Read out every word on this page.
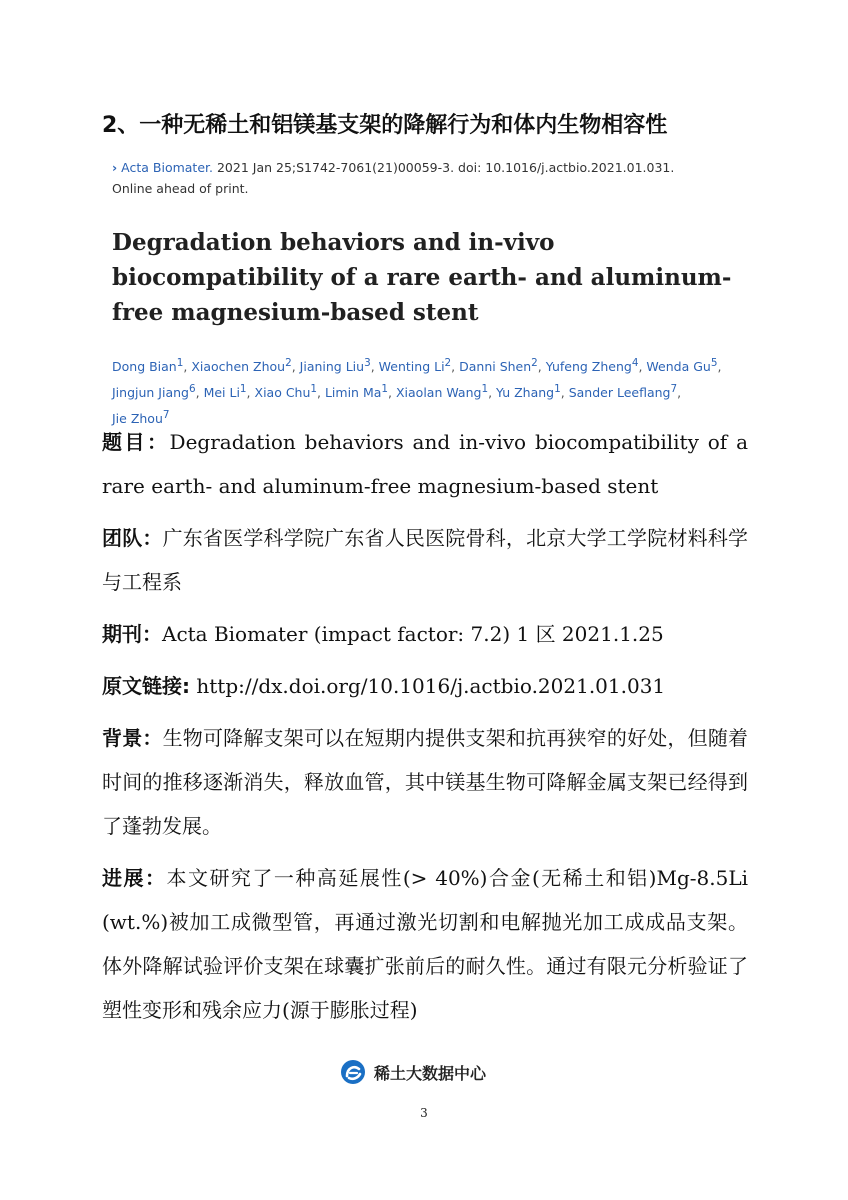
2、一种无稀土和铝镁基支架的降解行为和体内生物相容性
› Acta Biomater. 2021 Jan 25;S1742-7061(21)00059-3. doi: 10.1016/j.actbio.2021.01.031.
Online ahead of print.
Degradation behaviors and in-vivo biocompatibility of a rare earth- and aluminum-free magnesium-based stent
Dong Bian$^1$, Xiaochen Zhou$^2$, Jianing Liu$^3$, Wenting Li$^2$, Danni Shen$^2$, Yufeng Zheng$^4$, Wenda Gu$^5$, Jingjun Jiang$^6$, Mei Li$^1$, Xiao Chu$^1$, Limin Ma$^1$, Xiaolan Wang$^1$, Yu Zhang$^1$, Sander Leeflang$^7$, Jie Zhou$^7$

题目：Degradation behaviors and in-vivo biocompatibility of a rare earth- and aluminum-free magnesium-based stent

团队：广东省医学科学院广东省人民医院骨科，北京大学工学院材料科学与工程系

期刊：Acta Biomater (impact factor: 7.2) 1 区 2021.1.25

原文链接: http://dx.doi.org/10.1016/j.actbio.2021.01.031

背景：生物可降解支架可以在短期内提供支架和抗再狭窄的好处，但随着时间的推移逐渐消失，释放血管，其中镁基生物可降解金属支架已经得到了蓬勃发展。

进展：本文研究了一种高延展性(> 40%)合金(无稀土和铝)Mg-8.5Li (wt.%)被加工成微型管，再通过激光切割和电解抛光加工成成品支架。体外降解试验评价支架在球囊扩张前后的耐久性。通过有限元分析验证了塑性变形和残余应力(源于膨胀过程)

稀土大数据中心
3
